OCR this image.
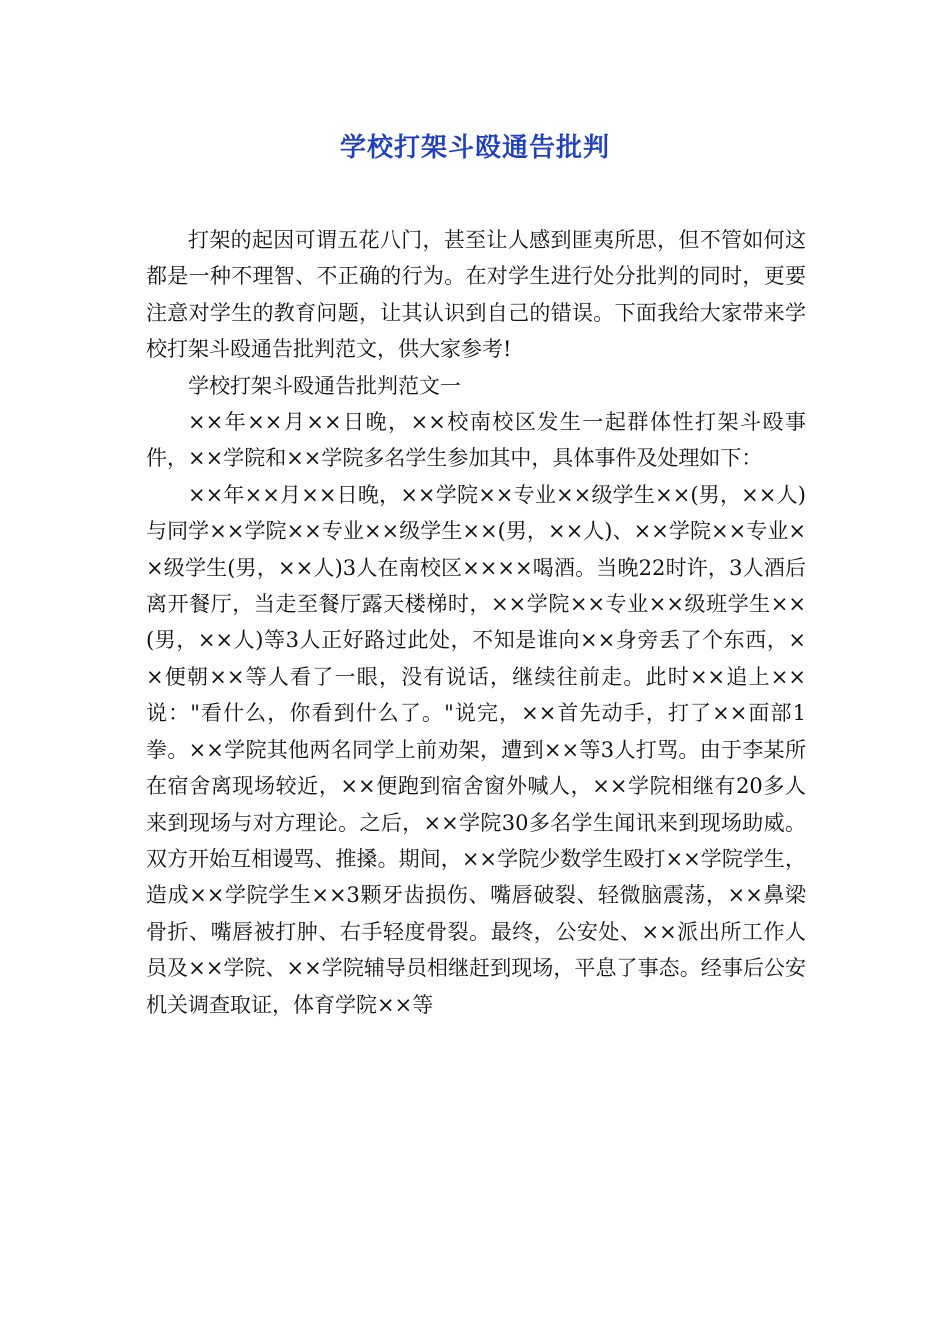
学校打架斗殴通告批判

打架的起因可谓五花八门，甚至让人感到匪夷所思，但不管如何这都是一种不理智、不正确的行为。在对学生进行处分批判的同时，更要注意对学生的教育问题，让其认识到自己的错误。下面我给大家带来学校打架斗殴通告批判范文，供大家参考!

学校打架斗殴通告批判范文一

××年××月××日晚，××校南校区发生一起群体性打架斗殴事件，××学院和××学院多名学生参加其中，具体事件及处理如下：

××年××月××日晚，××学院××专业××级学生××(男，××人)与同学××学院××专业××级学生××(男，××人)、××学院××专业××级学生(男，××人)3人在南校区××××喝酒。当晚22时许，3人酒后离开餐厅，当走至餐厅露天楼梯时，××学院××专业××级班学生××(男，××人)等3人正好路过此处，不知是谁向××身旁丢了个东西，××便朝××等人看了一眼，没有说话，继续往前走。此时××追上××说："看什么，你看到什么了。"说完，××首先动手，打了××面部1拳。××学院其他两名同学上前劝架，遭到××等3人打骂。由于李某所在宿舍离现场较近，××便跑到宿舍窗外喊人，××学院相继有20多人来到现场与对方理论。之后，××学院30多名学生闻讯来到现场助威。双方开始互相谩骂、推搡。期间，××学院少数学生殴打××学院学生，造成××学院学生××3颗牙齿损伤、嘴唇破裂、轻微脑震荡，××鼻梁骨折、嘴唇被打肿、右手轻度骨裂。最终，公安处、××派出所工作人员及××学院、××学院辅导员相继赶到现场，平息了事态。经事后公安机关调查取证，体育学院××等
